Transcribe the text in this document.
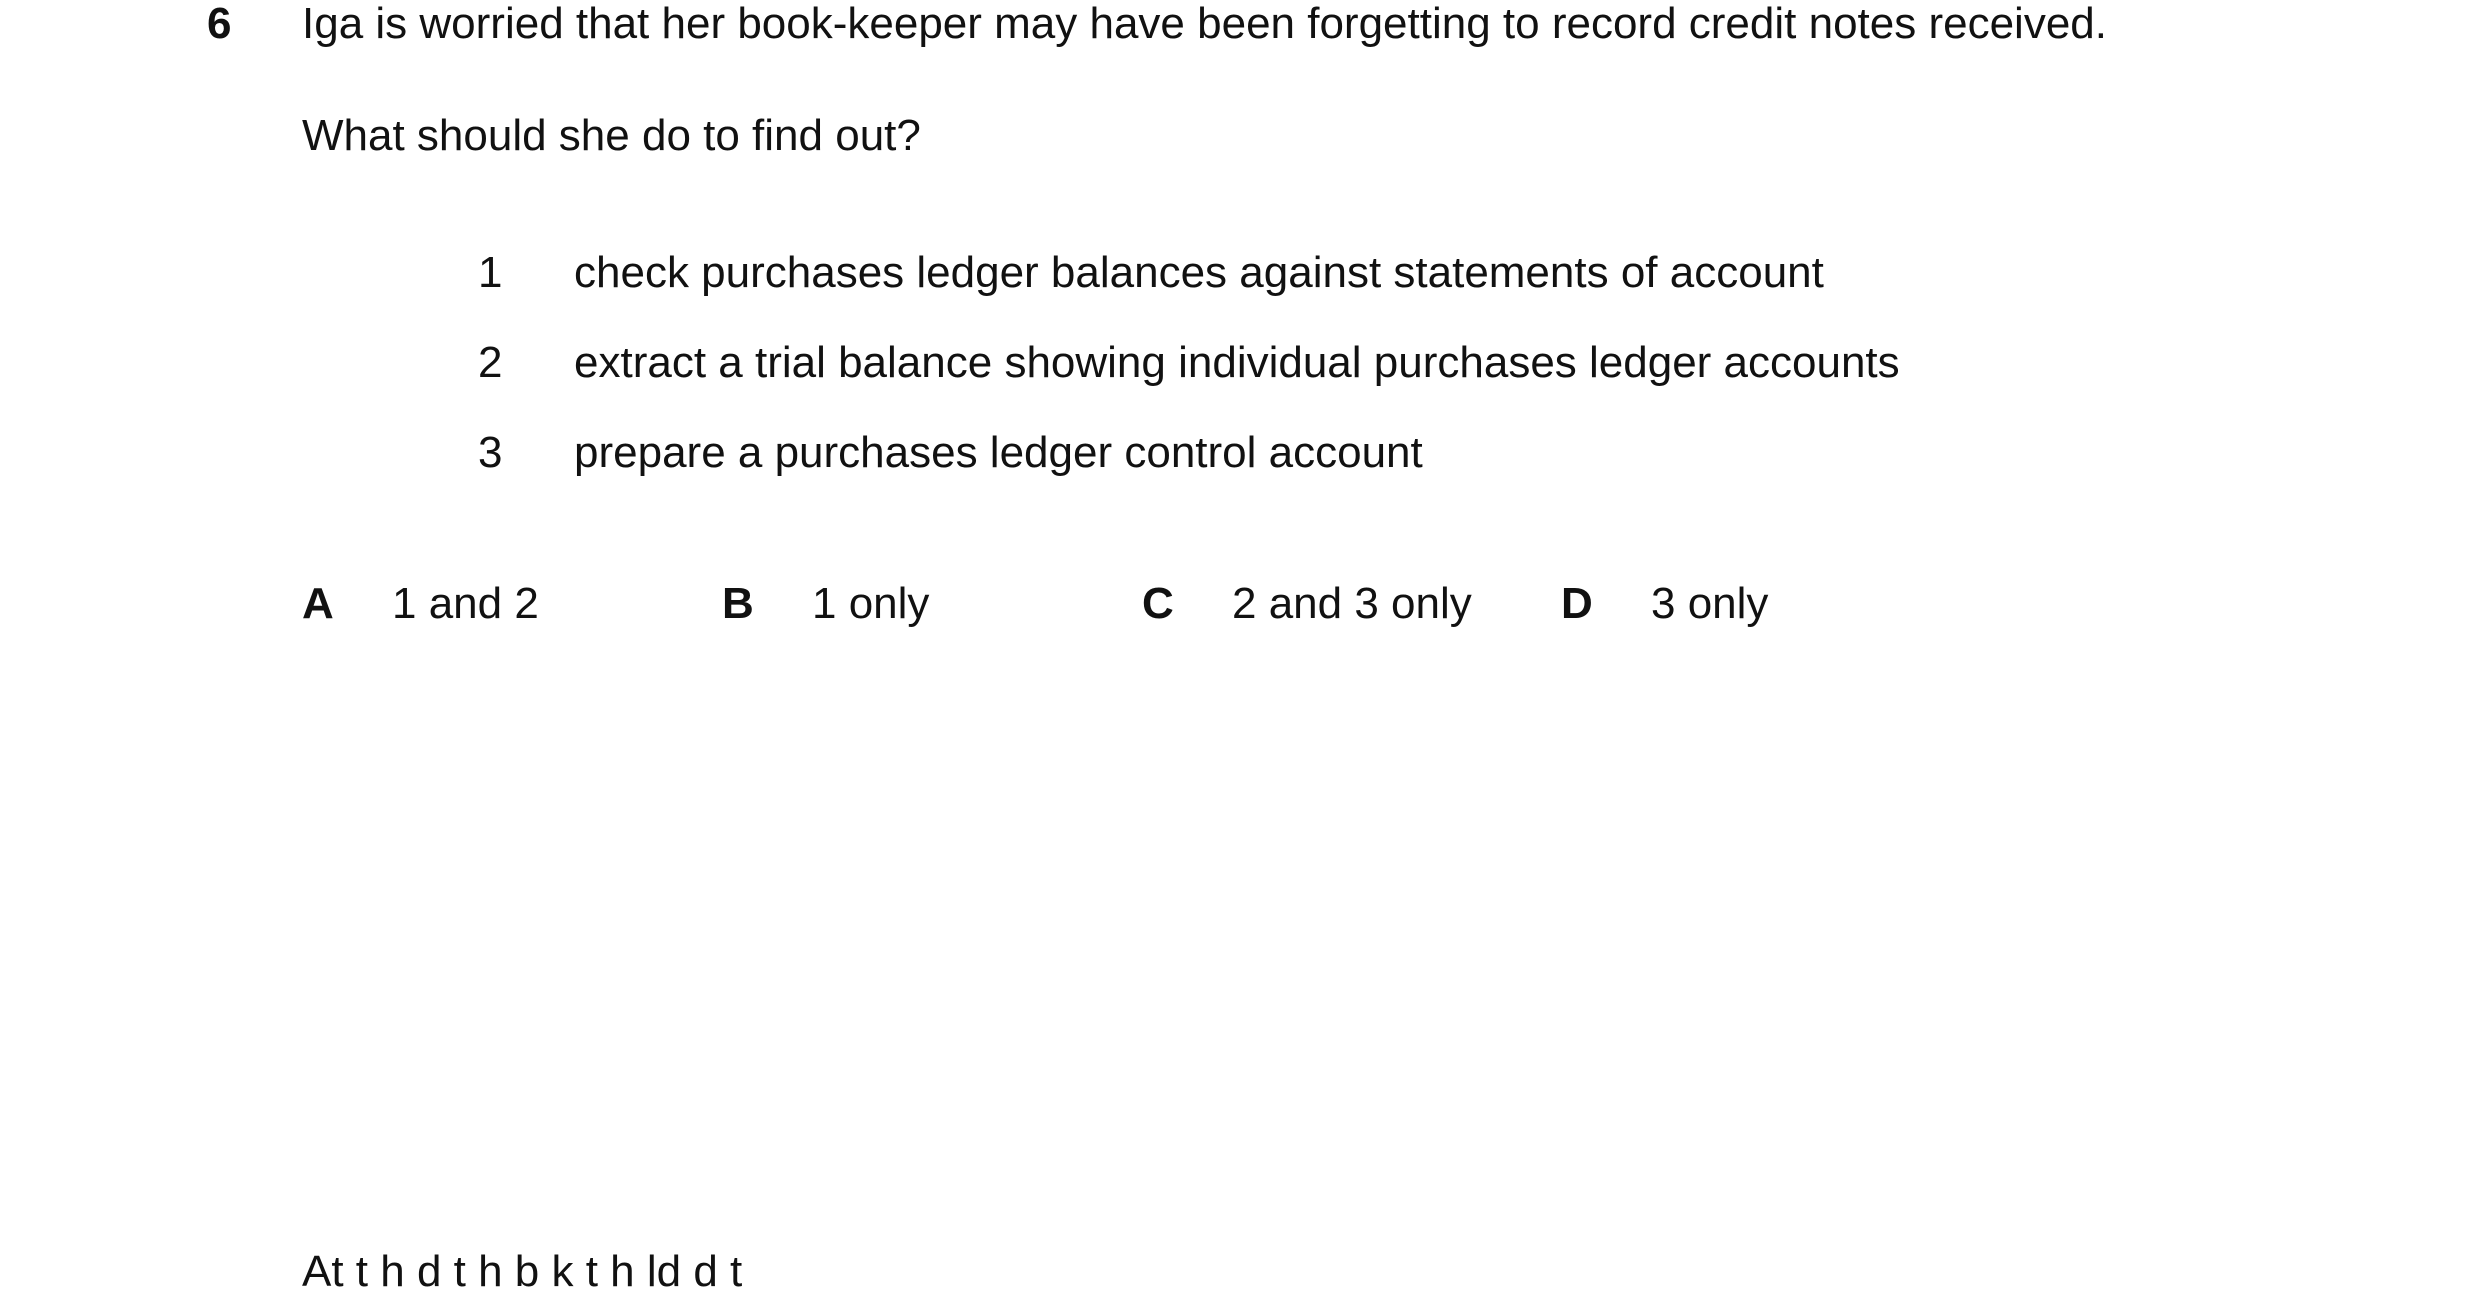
6 Iga is worried that her book-keeper may have been forgetting to record credit notes received.

What should she do to find out?

1 check purchases ledger balances against statements of account
2 extract a trial balance showing individual purchases ledger accounts
3 prepare a purchases ledger control account
A 1 and 2	B 1 only	C 2 and 3 only D 3 only

At t h d t h b k t h ld d t
